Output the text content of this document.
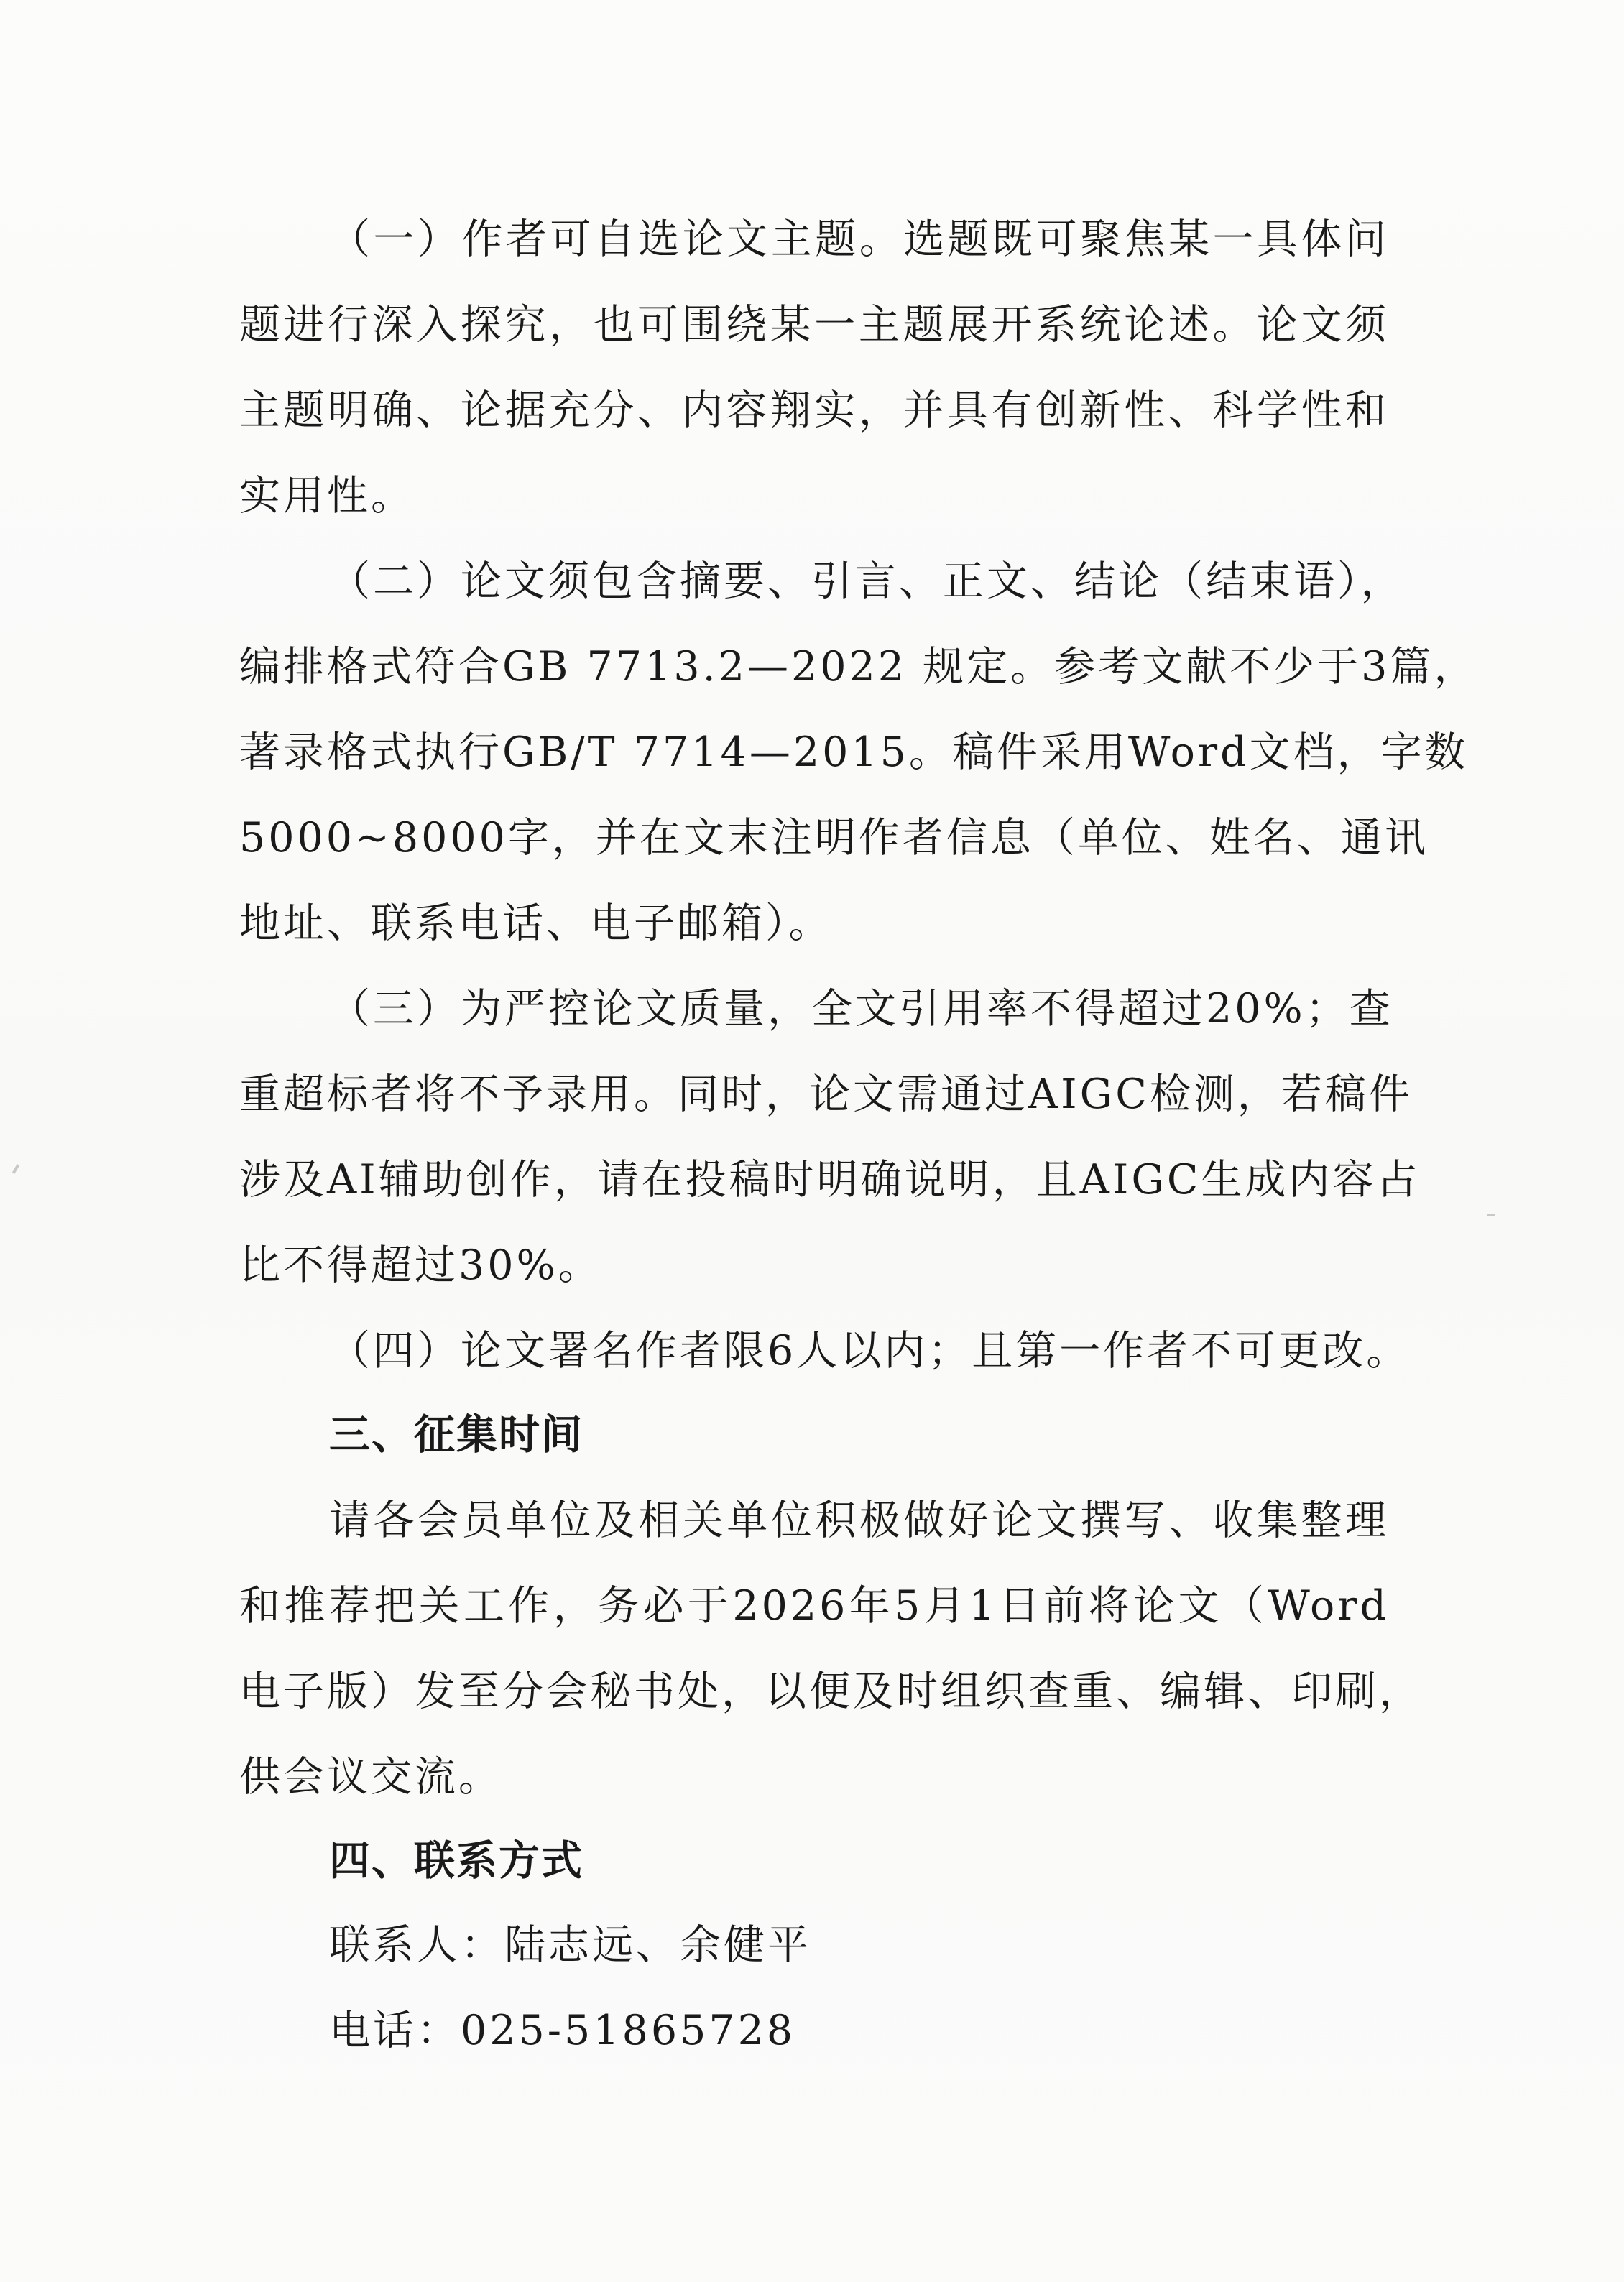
（一）作者可自选论文主题。选题既可聚焦某一具体问
题进行深入探究，也可围绕某一主题展开系统论述。论文须
主题明确、论据充分、内容翔实，并具有创新性、科学性和
实用性。
（二）论文须包含摘要、引言、正文、结论（结束语），
编排格式符合GB 7713.2—2022 规定。参考文献不少于3篇，
著录格式执行GB/T 7714—2015。稿件采用Word文档，字数
5000~8000字，并在文末注明作者信息（单位、姓名、通讯
地址、联系电话、电子邮箱）。
（三）为严控论文质量，全文引用率不得超过20%；查
重超标者将不予录用。同时，论文需通过AIGC检测，若稿件
涉及AI辅助创作，请在投稿时明确说明，且AIGC生成内容占
比不得超过30%。
（四）论文署名作者限6人以内；且第一作者不可更改。
三、征集时间
请各会员单位及相关单位积极做好论文撰写、收集整理
和推荐把关工作，务必于2026年5月1日前将论文（Word
电子版）发至分会秘书处，以便及时组织查重、编辑、印刷，
供会议交流。
四、联系方式
联系人：陆志远、余健平
电话：025-51865728
